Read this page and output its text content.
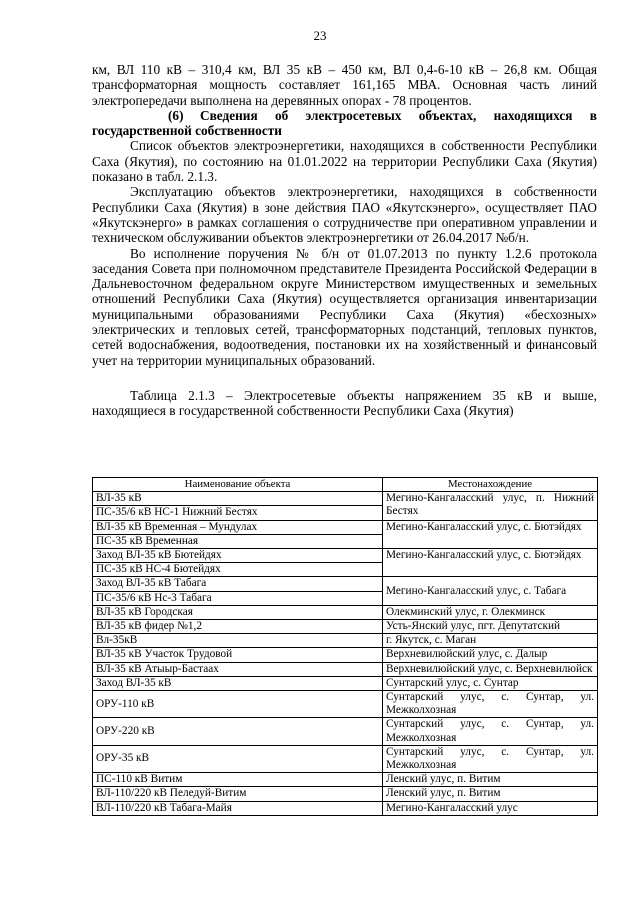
23

км, ВЛ 110 кВ – 310,4 км, ВЛ 35 кВ – 450 км, ВЛ 0,4-6-10 кВ – 26,8 км. Общая трансформаторная мощность составляет 161,165 МВА. Основная часть линий электропередачи выполнена на деревянных опорах - 78 процентов.

(6) Сведения об электросетевых объектах, находящихся в государственной собственности

Список объектов электроэнергетики, находящихся в собственности Республики Саха (Якутия), по состоянию на 01.01.2022 на территории Республики Саха (Якутия) показано в табл. 2.1.3.

Эксплуатацию объектов электроэнергетики, находящихся в собственности Республики Саха (Якутия) в зоне действия ПАО «Якутскэнерго», осуществляет ПАО «Якутскэнерго» в рамках соглашения о сотрудничестве при оперативном управлении и техническом обслуживании объектов электроэнергетики от 26.04.2017 №б/н.

Во исполнение поручения № б/н от 01.07.2013 по пункту 1.2.6 протокола заседания Совета при полномочном представителе Президента Российской Федерации в Дальневосточном федеральном округе Министерством имущественных и земельных отношений Республики Саха (Якутия) осуществляется организация инвентаризации муниципальными образованиями Республики Саха (Якутия) «бесхозных» электрических и тепловых сетей, трансформаторных подстанций, тепловых пунктов, сетей водоснабжения, водоотведения, постановки их на хозяйственный и финансовый учет на территории муниципальных образований.

Таблица 2.1.3 – Электросетевые объекты напряжением 35 кВ и выше, находящиеся в государственной собственности Республики Саха (Якутия)

Наименование объекта	Местонахождение
ВЛ-35 кВ	Мегино-Кангаласский улус, п. Нижний Бестях
ПС-35/6 кВ НС-1 Нижний Бестях	
ВЛ-35 кВ Временная – Мундулах	Мегино-Кангаласский улус, с. Бютэйдях
ПС-35 кВ Временная	
Заход ВЛ-35 кВ Бютейдях	Мегино-Кангаласский улус, с. Бютэйдях
ПС-35 кВ НС-4 Бютейдях	
Заход ВЛ-35 кВ Табага	Мегино-Кангаласский улус, с. Табага
ПС-35/6 кВ Нс-3 Табага	
ВЛ-35 кВ Городская	Олекминский улус, г. Олекминск
ВЛ-35 кВ фидер №1,2	Усть-Янский улус, пгт. Депутатский
Вл-35кВ	г. Якутск, с. Маган
ВЛ-35 кВ Участок Трудовой	Верхневилюйский улус, с. Далыр
ВЛ-35 кВ Атыыр-Бастаах	Верхневилюйский улус, с. Верхневилюйск
Заход ВЛ-35 кВ	Сунтарский улус, с. Сунтар
ОРУ-110 кВ	Сунтарский улус, с. Сунтар, ул. Межколхозная
ОРУ-220 кВ	Сунтарский улус, с. Сунтар, ул. Межколхозная
ОРУ-35 кВ	Сунтарский улус, с. Сунтар, ул. Межколхозная
ПС-110 кВ Витим	Ленский улус, п. Витим
ВЛ-110/220 кВ Пеледуй-Витим	Ленский улус, п. Витим
ВЛ-110/220 кВ Табага-Майя	Мегино-Кангаласский улус
